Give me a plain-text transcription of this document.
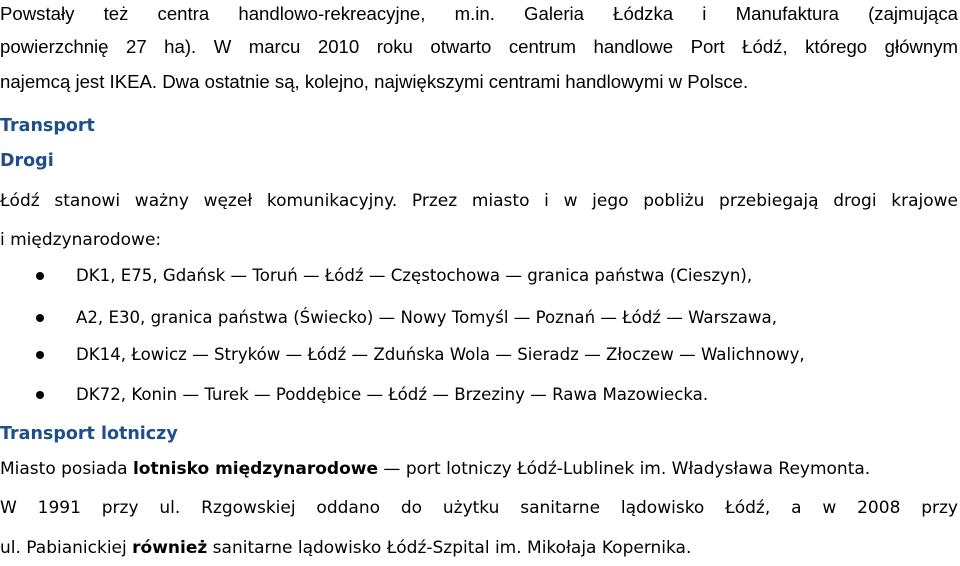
Powstały też centra handlowo-rekreacyjne, m.in. Galeria Łódzka i Manufaktura (zajmująca
powierzchnię 27 ha). W marcu 2010 roku otwarto centrum handlowe Port Łódź, którego głównym
najemcą jest IKEA. Dwa ostatnie są, kolejno, największymi centrami handlowymi w Polsce.
Transport
Drogi
Łódź stanowi ważny węzeł komunikacyjny. Przez miasto i w jego pobliżu przebiegają drogi krajowe
i międzynarodowe:
DK1, E75, Gdańsk — Toruń — Łódź — Częstochowa — granica państwa (Cieszyn),
A2, E30, granica państwa (Świecko) — Nowy Tomyśl — Poznań — Łódź — Warszawa,
DK14, Łowicz — Stryków — Łódź — Zduńska Wola — Sieradz — Złoczew — Walichnowy,
DK72, Konin — Turek — Poddębice — Łódź — Brzeziny — Rawa Mazowiecka.
Transport lotniczy
Miasto posiada lotnisko międzynarodowe — port lotniczy Łódź-Lublinek im. Władysława Reymonta.
W 1991 przy ul. Rzgowskiej oddano do użytku sanitarne lądowisko Łódź, a w 2008 przy
ul. Pabianickiej również sanitarne lądowisko Łódź-Szpital im. Mikołaja Kopernika.
